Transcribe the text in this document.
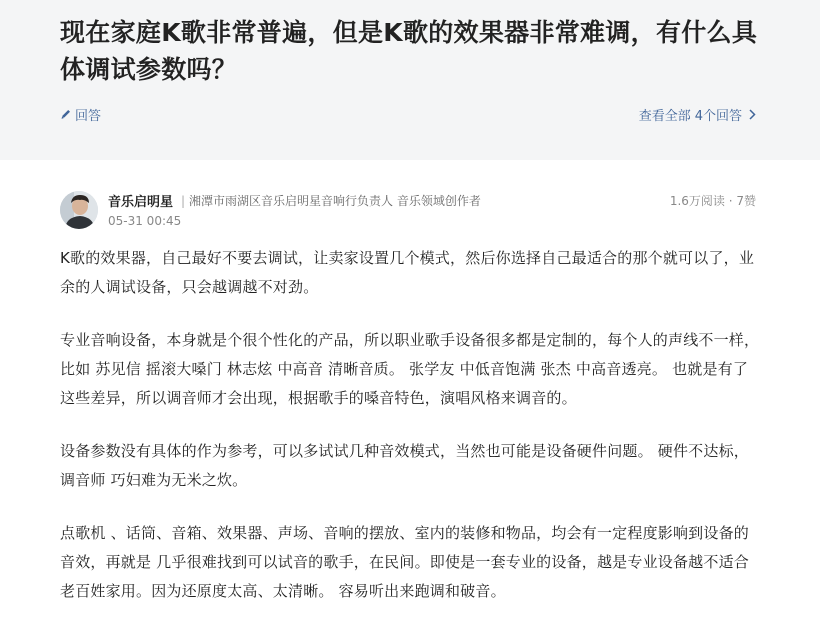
现在家庭K歌非常普遍，但是K歌的效果器非常难调，有什么具体调试参数吗？
回答	查看全部 4个回答
音乐启明星 | 湘潭市雨湖区音乐启明星音响行负责人 音乐领域创作者
05-31 00:45
1.6万阅读 · 7赞

K歌的效果器，自己最好不要去调试，让卖家设置几个模式，然后你选择自己最适合的那个就可以了，业余的人调试设备，只会越调越不对劲。

专业音响设备，本身就是个很个性化的产品，所以职业歌手设备很多都是定制的，每个人的声线不一样，比如 苏见信 摇滚大嗓门 林志炫 中高音 清晰音质。 张学友 中低音饱满 张杰 中高音透亮。 也就是有了这些差异，所以调音师才会出现，根据歌手的嗓音特色，演唱风格来调音的。

设备参数没有具体的作为参考，可以多试试几种音效模式，当然也可能是设备硬件问题。 硬件不达标，调音师 巧妇难为无米之炊。

点歌机 、话筒、音箱、效果器、声场、音响的摆放、室内的装修和物品，均会有一定程度影响到设备的音效，再就是 几乎很难找到可以试音的歌手，在民间。即使是一套专业的设备，越是专业设备越不适合老百姓家用。因为还原度太高、太清晰。 容易听出来跑调和破音。
